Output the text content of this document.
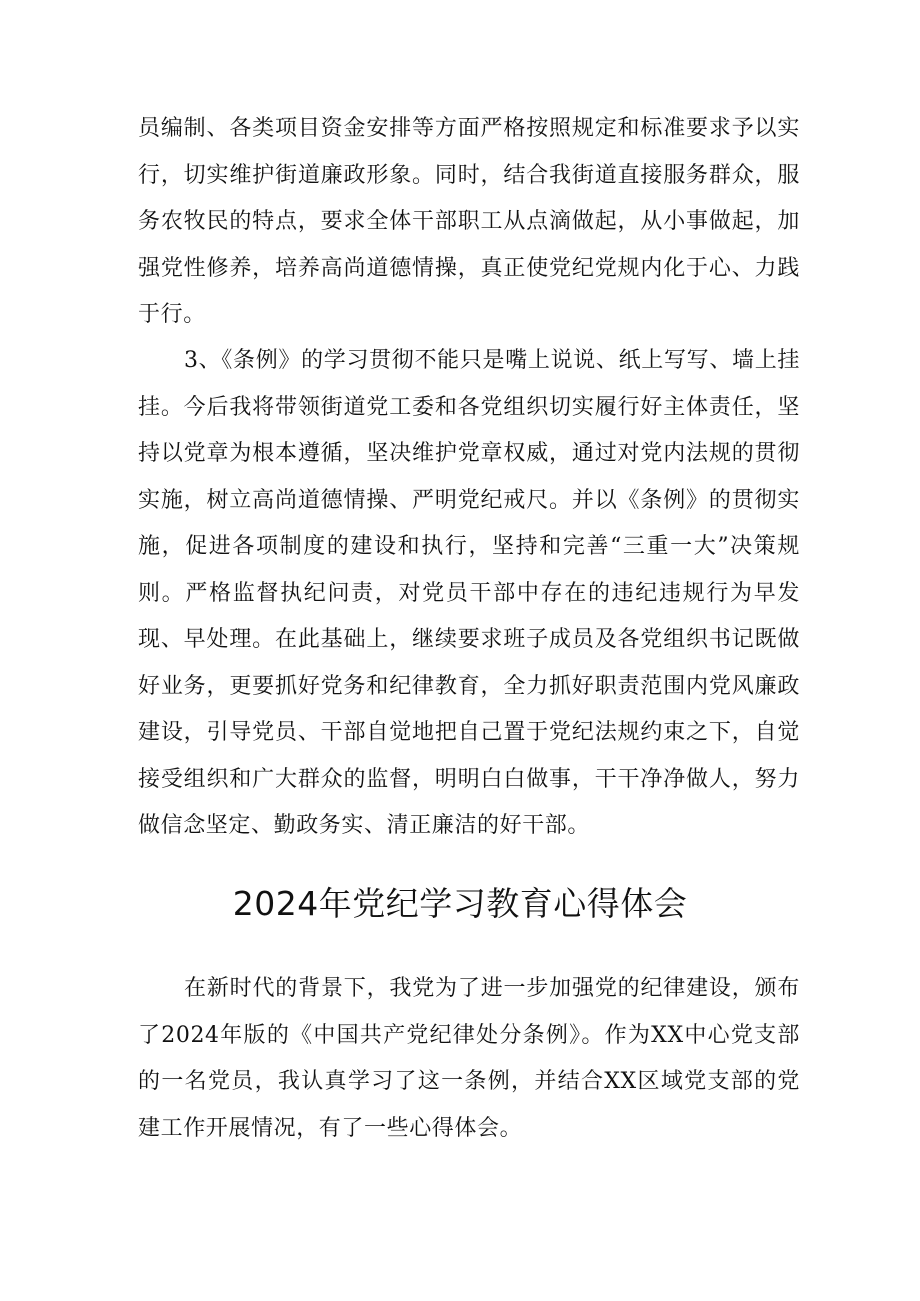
员编制、各类项目资金安排等方面严格按照规定和标准要求予以实行，切实维护街道廉政形象。同时，结合我街道直接服务群众，服务农牧民的特点，要求全体干部职工从点滴做起，从小事做起，加强党性修养，培养高尚道德情操，真正使党纪党规内化于心、力践于行。

3、《条例》的学习贯彻不能只是嘴上说说、纸上写写、墙上挂挂。今后我将带领街道党工委和各党组织切实履行好主体责任，坚持以党章为根本遵循，坚决维护党章权威，通过对党内法规的贯彻实施，树立高尚道德情操、严明党纪戒尺。并以《条例》的贯彻实施，促进各项制度的建设和执行，坚持和完善“三重一大”决策规则。严格监督执纪问责，对党员干部中存在的违纪违规行为早发现、早处理。在此基础上，继续要求班子成员及各党组织书记既做好业务，更要抓好党务和纪律教育，全力抓好职责范围内党风廉政建设，引导党员、干部自觉地把自己置于党纪法规约束之下，自觉接受组织和广大群众的监督，明明白白做事，干干净净做人，努力做信念坚定、勤政务实、清正廉洁的好干部。

2024年党纪学习教育心得体会

在新时代的背景下，我党为了进一步加强党的纪律建设，颁布了2024年版的《中国共产党纪律处分条例》。作为XX中心党支部的一名党员，我认真学习了这一条例，并结合XX区域党支部的党建工作开展情况，有了一些心得体会。
